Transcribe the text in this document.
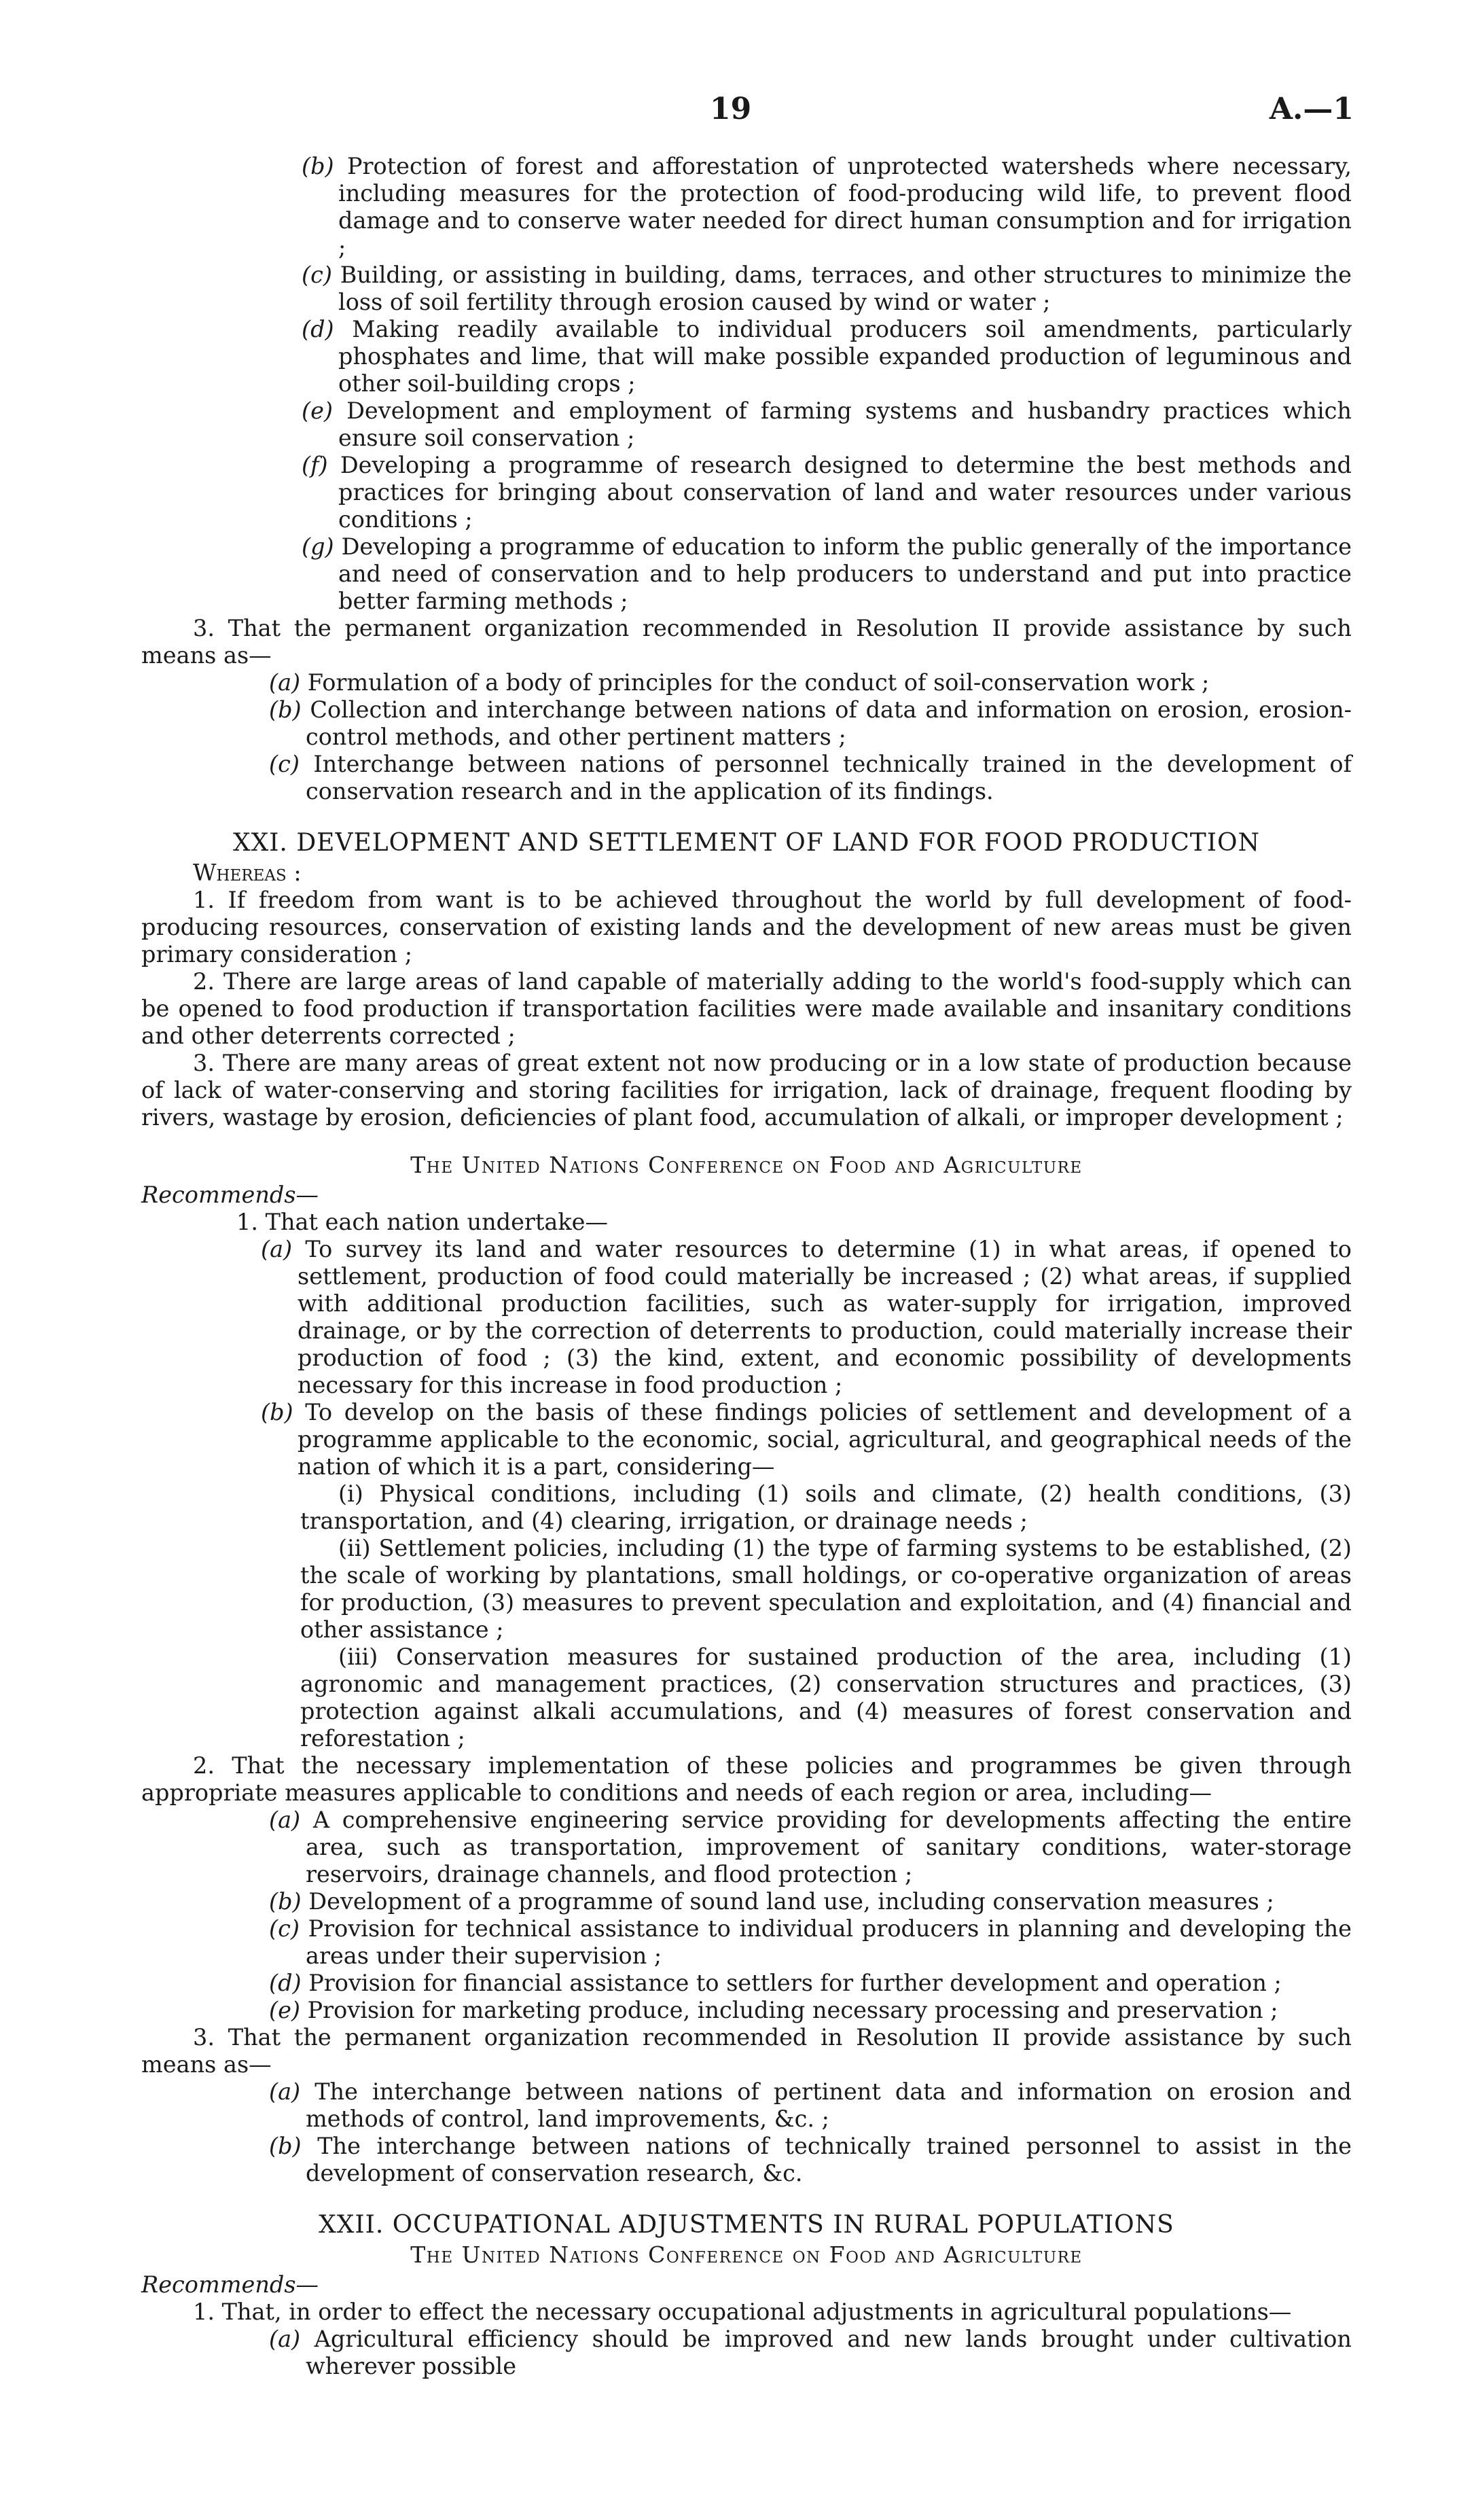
19	A.—1

(b) Protection of forest and afforestation of unprotected watersheds where necessary, including measures for the protection of food-producing wild life, to prevent flood damage and to conserve water needed for direct human consumption and for irrigation ;

(c) Building, or assisting in building, dams, terraces, and other structures to minimize the loss of soil fertility through erosion caused by wind or water ;

(d) Making readily available to individual producers soil amendments, particularly phosphates and lime, that will make possible expanded production of leguminous and other soil-building crops ;

(e) Development and employment of farming systems and husbandry practices which ensure soil conservation ;

(f) Developing a programme of research designed to determine the best methods and practices for bringing about conservation of land and water resources under various conditions ;

(g) Developing a programme of education to inform the public generally of the importance and need of conservation and to help producers to understand and put into practice better farming methods ;

3. That the permanent organization recommended in Resolution II provide assistance by such means as—

(a) Formulation of a body of principles for the conduct of soil-conservation work ;

(b) Collection and interchange between nations of data and information on erosion, erosion-control methods, and other pertinent matters ;

(c) Interchange between nations of personnel technically trained in the development of conservation research and in the application of its findings.

XXI. DEVELOPMENT AND SETTLEMENT OF LAND FOR FOOD PRODUCTION
Whereas :

1. If freedom from want is to be achieved throughout the world by full development of food-producing resources, conservation of existing lands and the development of new areas must be given primary consideration ;

2. There are large areas of land capable of materially adding to the world's food-supply which can be opened to food production if transportation facilities were made available and insanitary conditions and other deterrents corrected ;

3. There are many areas of great extent not now producing or in a low state of production because of lack of water-conserving and storing facilities for irrigation, lack of drainage, frequent flooding by rivers, wastage by erosion, deficiencies of plant food, accumulation of alkali, or improper development ;

The United Nations Conference on Food and Agriculture
Recommends—

1. That each nation undertake—

(a) To survey its land and water resources to determine (1) in what areas, if opened to settlement, production of food could materially be increased ; (2) what areas, if supplied with additional production facilities, such as water-supply for irrigation, improved drainage, or by the correction of deterrents to production, could materially increase their production of food ; (3) the kind, extent, and economic possibility of developments necessary for this increase in food production ;

(b) To develop on the basis of these findings policies of settlement and development of a programme applicable to the economic, social, agricultural, and geographical needs of the nation of which it is a part, considering—

(i) Physical conditions, including (1) soils and climate, (2) health conditions, (3) transportation, and (4) clearing, irrigation, or drainage needs ;

(ii) Settlement policies, including (1) the type of farming systems to be established, (2) the scale of working by plantations, small holdings, or co-operative organization of areas for production, (3) measures to prevent speculation and exploitation, and (4) financial and other assistance ;

(iii) Conservation measures for sustained production of the area, including (1) agronomic and management practices, (2) conservation structures and practices, (3) protection against alkali accumulations, and (4) measures of forest conservation and reforestation ;

2. That the necessary implementation of these policies and programmes be given through appropriate measures applicable to conditions and needs of each region or area, including—

(a) A comprehensive engineering service providing for developments affecting the entire area, such as transportation, improvement of sanitary conditions, water-storage reservoirs, drainage channels, and flood protection ;

(b) Development of a programme of sound land use, including conservation measures ;

(c) Provision for technical assistance to individual producers in planning and developing the areas under their supervision ;

(d) Provision for financial assistance to settlers for further development and operation ;

(e) Provision for marketing produce, including necessary processing and preservation ;

3. That the permanent organization recommended in Resolution II provide assistance by such means as—

(a) The interchange between nations of pertinent data and information on erosion and methods of control, land improvements, &c. ;

(b) The interchange between nations of technically trained personnel to assist in the development of conservation research, &c.

XXII. OCCUPATIONAL ADJUSTMENTS IN RURAL POPULATIONS
The United Nations Conference on Food and Agriculture
Recommends—

1. That, in order to effect the necessary occupational adjustments in agricultural populations—

(a) Agricultural efficiency should be improved and new lands brought under cultivation wherever possible
